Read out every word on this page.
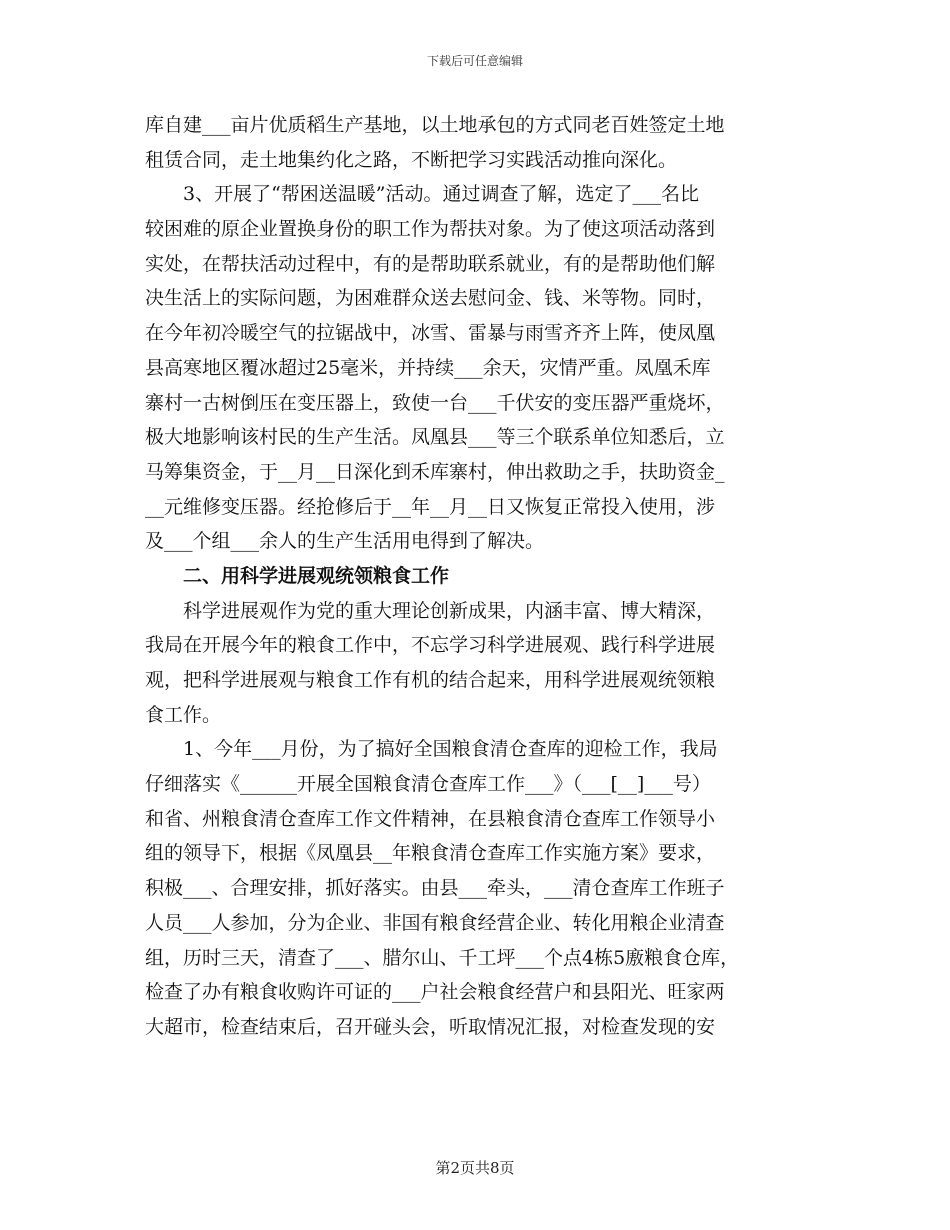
下载后可任意编辑
库自建___亩片优质稻生产基地，以土地承包的方式同老百姓签定土地
租赁合同，走土地集约化之路，不断把学习实践活动推向深化。
　　3、开展了“帮困送温暖”活动。通过调查了解，选定了___名比
较困难的原企业置换身份的职工作为帮扶对象。为了使这项活动落到
实处，在帮扶活动过程中，有的是帮助联系就业，有的是帮助他们解
决生活上的实际问题，为困难群众送去慰问金、钱、米等物。同时，
在今年初冷暖空气的拉锯战中，冰雪、雷暴与雨雪齐齐上阵，使凤凰
县高寒地区覆冰超过25毫米，并持续___余天，灾情严重。凤凰禾库
寨村一古树倒压在变压器上，致使一台___千伏安的变压器严重烧坏，
极大地影响该村民的生产生活。凤凰县___等三个联系单位知悉后，立
马筹集资金，于__月__日深化到禾库寨村，伸出救助之手，扶助资金_
__元维修变压器。经抢修后于__年__月__日又恢复正常投入使用，涉
及___个组___余人的生产生活用电得到了解决。
　　二、用科学进展观统领粮食工作
　　科学进展观作为党的重大理论创新成果，内涵丰富、博大精深，
我局在开展今年的粮食工作中，不忘学习科学进展观、践行科学进展
观，把科学进展观与粮食工作有机的结合起来，用科学进展观统领粮
食工作。
　　1、今年___月份，为了搞好全国粮食清仓查库的迎检工作，我局
仔细落实《______开展全国粮食清仓查库工作___》（___[__]___号）
和省、州粮食清仓查库工作文件精神，在县粮食清仓查库工作领导小
组的领导下，根据《凤凰县__年粮食清仓查库工作实施方案》要求，
积极___、合理安排，抓好落实。由县___牵头，___清仓查库工作班子
人员___人参加，分为企业、非国有粮食经营企业、转化用粮企业清查
组，历时三天，清查了___、腊尔山、千工坪___个点4栋5廒粮食仓库，
检查了办有粮食收购许可证的___户社会粮食经营户和县阳光、旺家两
大超市，检查结束后，召开碰头会，听取情况汇报，对检查发现的安
第2页共8页
